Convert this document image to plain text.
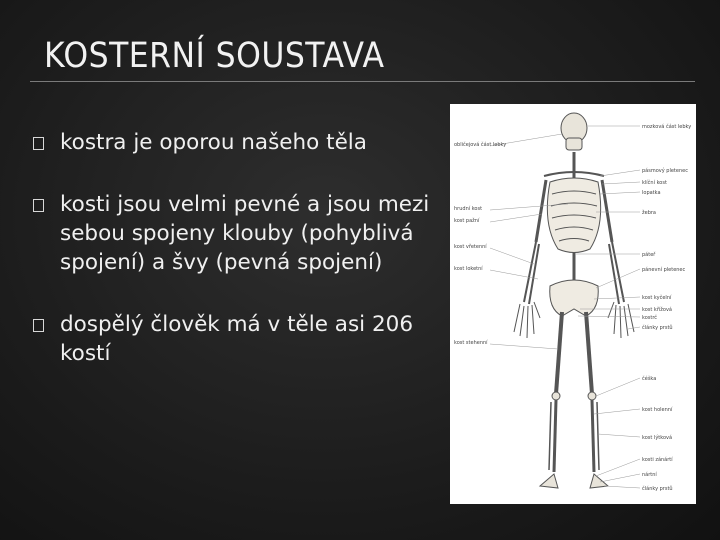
KOSTERNÍ SOUSTAVA
kostra je oporou našeho těla
kosti jsou velmi pevné a jsou mezi sebou spojeny klouby (pohyblivá spojení) a švy (pevná spojení)
dospělý člověk má v těle asi 206 kostí
obličejová část lebky
hrudní kost
kost pažní
kost vřetenní
kost loketní
kost stehenní
mozková část lebky
pásmový pletenec
klíční kost
lopatka
žebra
páteř
pánevní pletenec
kost kyčelní
kost křížová
kostrč
články prstů
čéška
kost holenní
kost lýtková
kosti zánártí
nártní
články prstů
